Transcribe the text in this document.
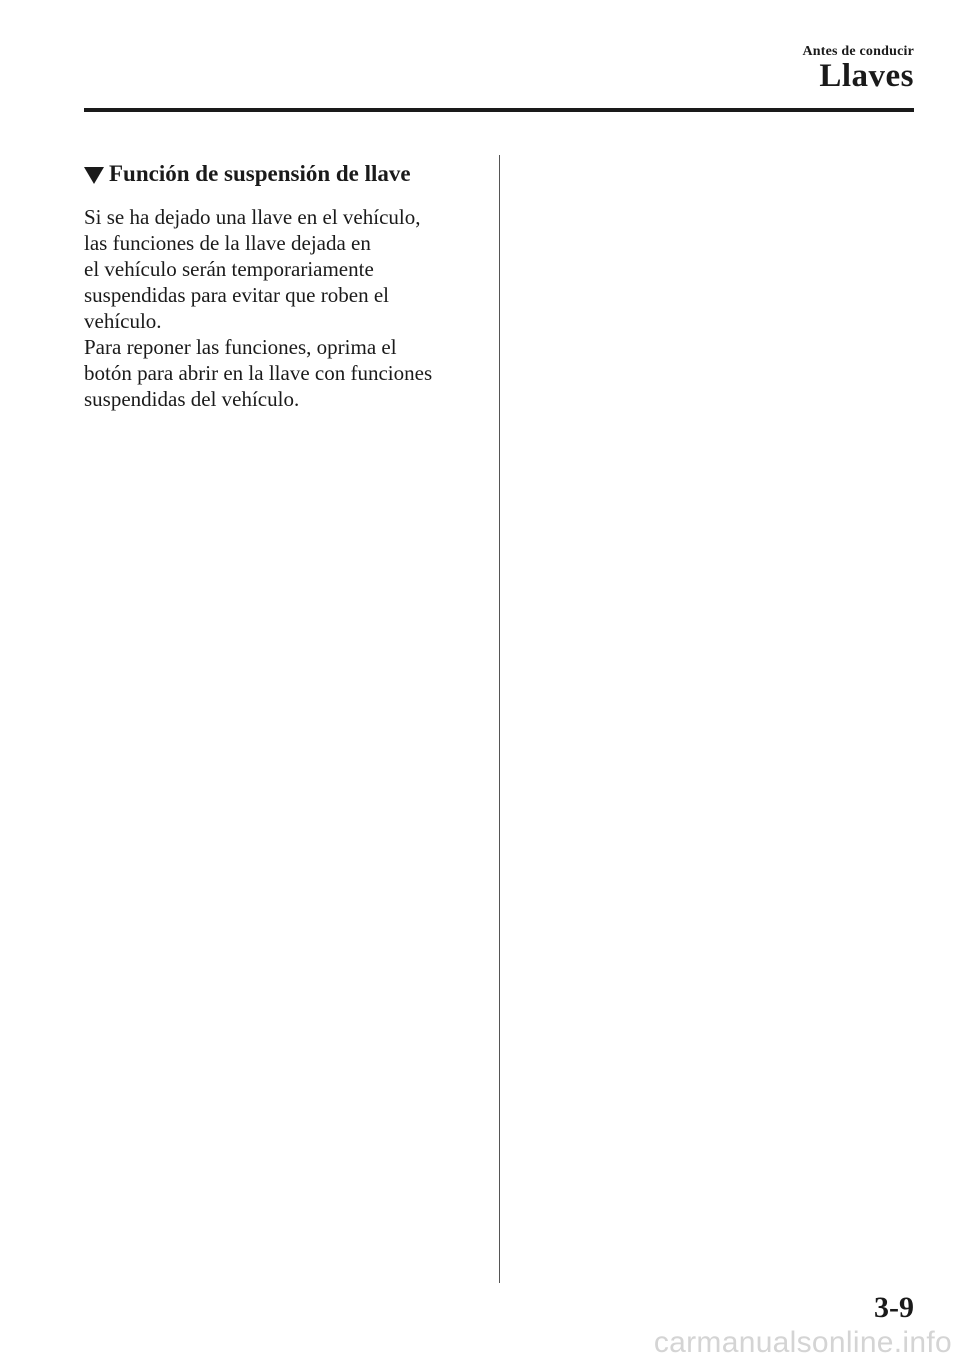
Antes de conducir
Llaves
Función de suspensión de llave

Si se ha dejado una llave en el vehículo,
las funciones de la llave dejada en
el vehículo serán temporariamente
suspendidas para evitar que roben el
vehículo.
Para reponer las funciones, oprima el
botón para abrir en la llave con funciones
suspendidas del vehículo.

3-9
carmanualsonline.info
